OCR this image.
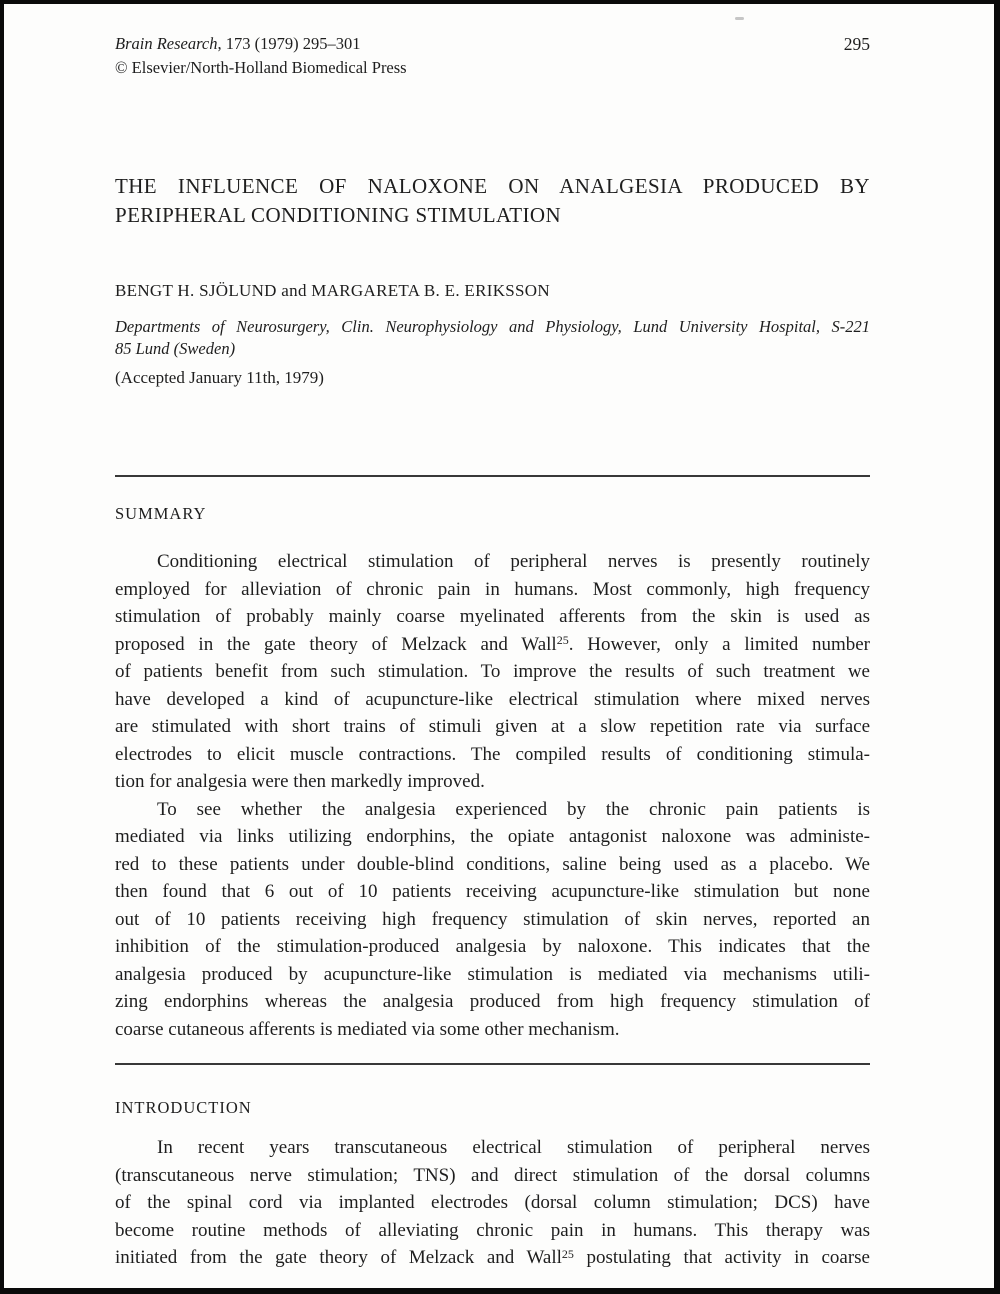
Brain Research, 173 (1979) 295–301
© Elsevier/North-Holland Biomedical Press
295
THE INFLUENCE OF NALOXONE ON ANALGESIA PRODUCED BY
PERIPHERAL CONDITIONING STIMULATION
BENGT H. SJÖLUND and MARGARETA B. E. ERIKSSON
Departments of Neurosurgery, Clin. Neurophysiology and Physiology, Lund University Hospital, S-221
85 Lund (Sweden)
(Accepted January 11th, 1979)
SUMMARY
Conditioning electrical stimulation of peripheral nerves is presently routinely
employed for alleviation of chronic pain in humans. Most commonly, high frequency
stimulation of probably mainly coarse myelinated afferents from the skin is used as
proposed in the gate theory of Melzack and Wall$^{25}$. However, only a limited number
of patients benefit from such stimulation. To improve the results of such treatment we
have developed a kind of acupuncture-like electrical stimulation where mixed nerves
are stimulated with short trains of stimuli given at a slow repetition rate via surface
electrodes to elicit muscle contractions. The compiled results of conditioning stimula-
tion for analgesia were then markedly improved.
To see whether the analgesia experienced by the chronic pain patients is
mediated via links utilizing endorphins, the opiate antagonist naloxone was administe-
red to these patients under double-blind conditions, saline being used as a placebo. We
then found that 6 out of 10 patients receiving acupuncture-like stimulation but none
out of 10 patients receiving high frequency stimulation of skin nerves, reported an
inhibition of the stimulation-produced analgesia by naloxone. This indicates that the
analgesia produced by acupuncture-like stimulation is mediated via mechanisms utili-
zing endorphins whereas the analgesia produced from high frequency stimulation of
coarse cutaneous afferents is mediated via some other mechanism.
INTRODUCTION
In recent years transcutaneous electrical stimulation of peripheral nerves
(transcutaneous nerve stimulation; TNS) and direct stimulation of the dorsal columns
of the spinal cord via implanted electrodes (dorsal column stimulation; DCS) have
become routine methods of alleviating chronic pain in humans. This therapy was
initiated from the gate theory of Melzack and Wall$^{25}$ postulating that activity in coarse
